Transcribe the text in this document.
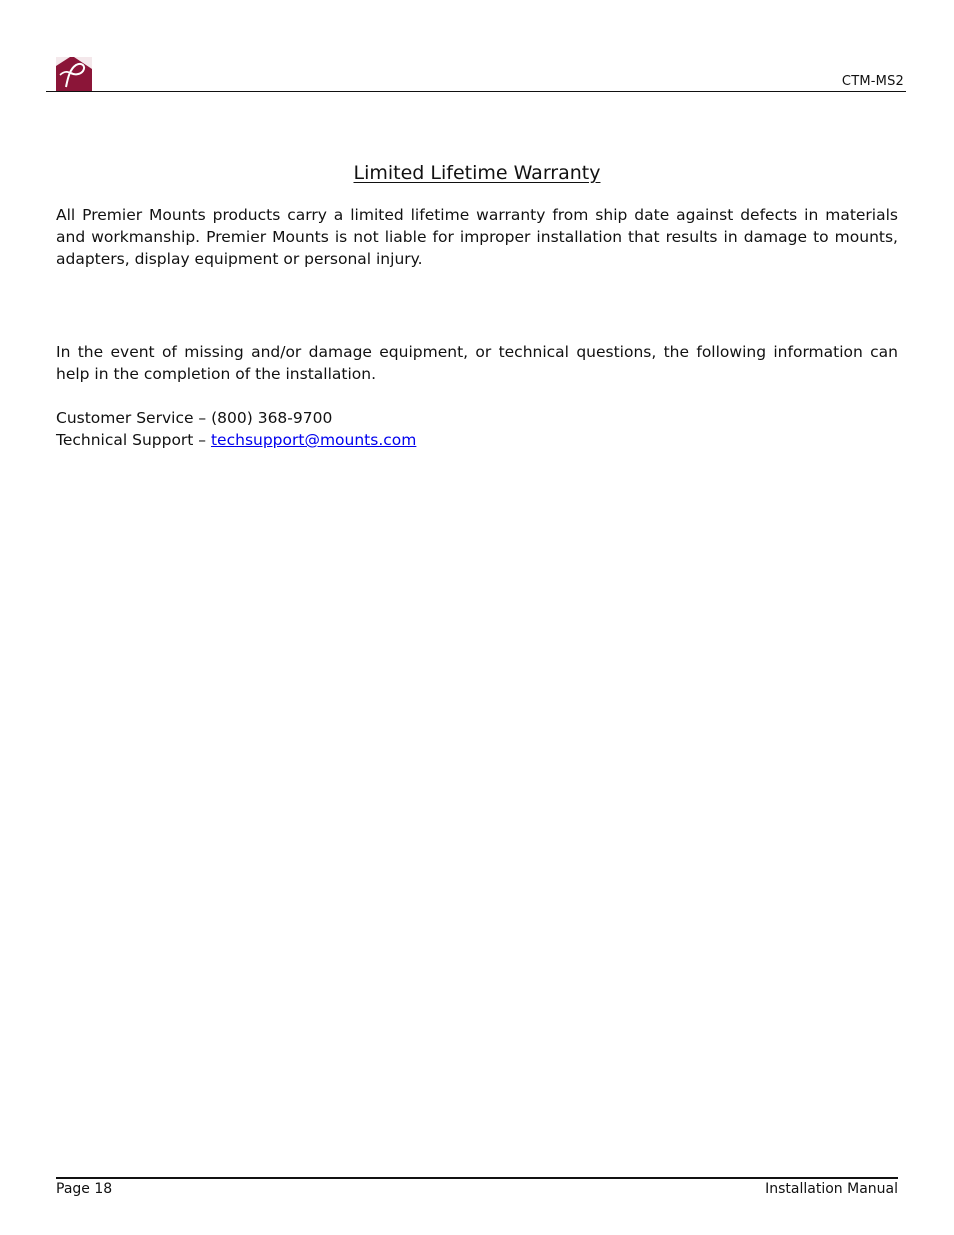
CTM-MS2
Limited Lifetime Warranty
All Premier Mounts products carry a limited lifetime warranty from ship date against defects in materials and workmanship. Premier Mounts is not liable for improper installation that results in damage to mounts, adapters, display equipment or personal injury.
In the event of missing and/or damage equipment, or technical questions, the following information can help in the completion of the installation.
Customer Service – (800) 368-9700
Technical Support – techsupport@mounts.com
Page 18	Installation Manual
